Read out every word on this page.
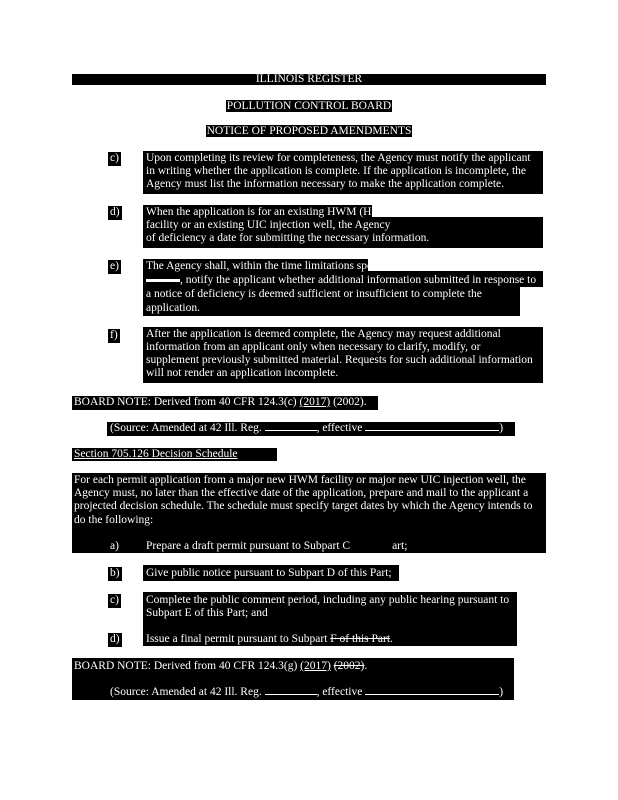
ILLINOIS REGISTER
POLLUTION CONTROL BOARD
NOTICE OF PROPOSED AMENDMENTS
c) Upon completing its review for completeness, the Agency must notify the applicant
in writing whether the application is complete. If the application is incomplete, the
Agency must list the information necessary to make the application complete.
d) When the application is for an existing HWM (Hazar
facility or an existing UIC injection well, the Agency
of deficiency a date for submitting the necessary information.
e) The Agency shall, within the time limitations specifi
, notify the applicant whether additional information submitted in response to
a notice of deficiency is deemed sufficient or insufficient to complete the
application.
f) After the application is deemed complete, the Agency may request additional
information from an applicant only when necessary to clarify, modify, or
supplement previously submitted material. Requests for such additional information
will not render an application incomplete.
BOARD NOTE: Derived from 40 CFR 124.3(c) (2017) (2002).
(Source: Amended at 42 Ill. Reg.	, effective	)
Section 705.126 Decision Schedule
For each permit application from a major new HWM facility or major new UIC injection well, the
Agency must, no later than the effective date of the application, prepare and mail to the applicant a
projected decision schedule. The schedule must specify target dates by which the Agency intends to
do the following:
a) Prepare a draft permit pursuant to Subpart C	art;
b) Give public notice pursuant to Subpart D of this Part;
c) Complete the public comment period, including any public hearing pursuant to
Subpart E of this Part; and
d) Issue a final permit pursuant to Subpart F of this Part.
BOARD NOTE: Derived from 40 CFR 124.3(g) (2017) (2002).
(Source: Amended at 42 Ill. Reg.	, effective	)
